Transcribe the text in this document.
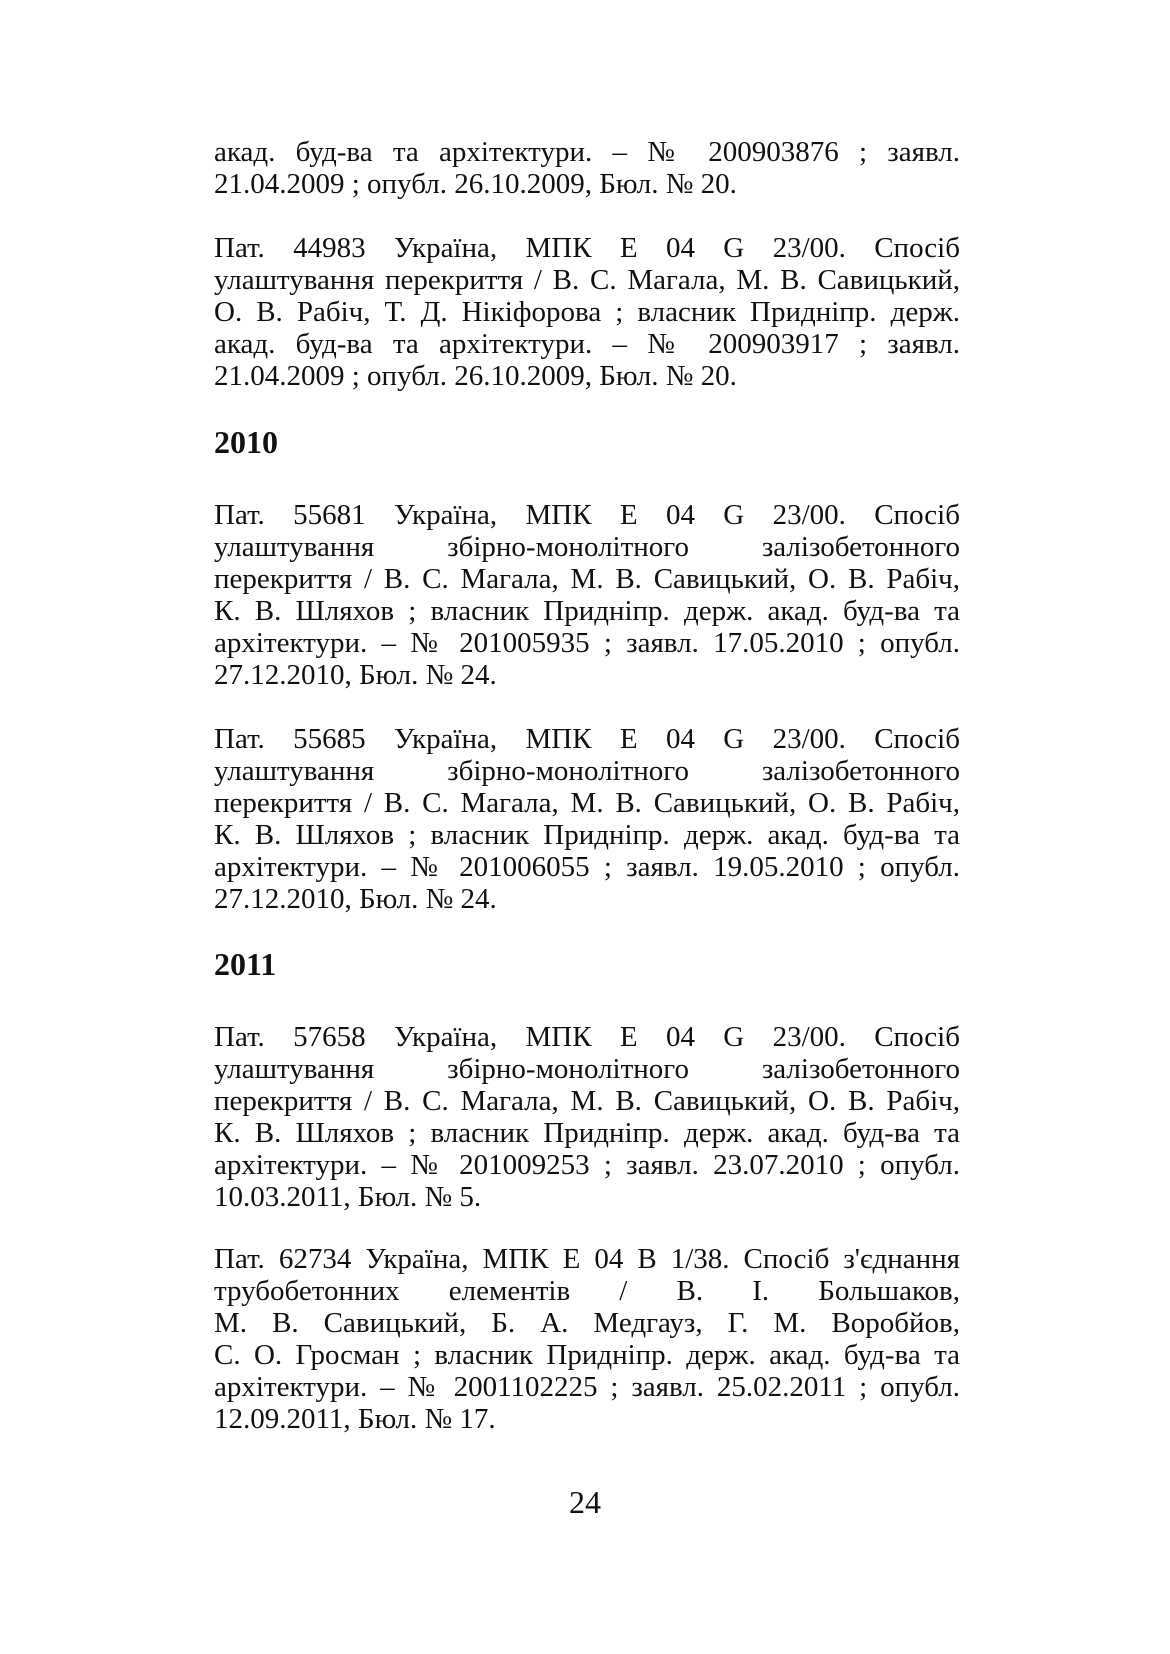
акад. буд-ва та архітектури. – № 200903876 ; заявл.
21.04.2009 ; опубл. 26.10.2009, Бюл. № 20.
Пат. 44983 Україна, МПК Е 04 G 23/00. Спосіб
улаштування перекриття / В. С. Магала, М. В. Савицький,
О. В. Рабіч, Т. Д. Нікіфорова ; власник Придніпр. держ.
акад. буд-ва та архітектури. – № 200903917 ; заявл.
21.04.2009 ; опубл. 26.10.2009, Бюл. № 20.
2010
Пат. 55681 Україна, МПК Е 04 G 23/00. Спосіб
улаштування збірно-монолітного залізобетонного
перекриття / В. С. Магала, М. В. Савицький, О. В. Рабіч,
К. В. Шляхов ; власник Придніпр. держ. акад. буд-ва та
архітектури. – № 201005935 ; заявл. 17.05.2010 ; опубл.
27.12.2010, Бюл. № 24.
Пат. 55685 Україна, МПК Е 04 G 23/00. Спосіб
улаштування збірно-монолітного залізобетонного
перекриття / В. С. Магала, М. В. Савицький, О. В. Рабіч,
К. В. Шляхов ; власник Придніпр. держ. акад. буд-ва та
архітектури. – № 201006055 ; заявл. 19.05.2010 ; опубл.
27.12.2010, Бюл. № 24.
2011
Пат. 57658 Україна, МПК Е 04 G 23/00. Спосіб
улаштування збірно-монолітного залізобетонного
перекриття / В. С. Магала, М. В. Савицький, О. В. Рабіч,
К. В. Шляхов ; власник Придніпр. держ. акад. буд-ва та
архітектури. – № 201009253 ; заявл. 23.07.2010 ; опубл.
10.03.2011, Бюл. № 5.
Пат. 62734 Україна, МПК Е 04 В 1/38. Спосіб з'єднання
трубобетонних елементів / В. І. Большаков,
М. В. Савицький, Б. А. Медгауз, Г. М. Воробйов,
С. О. Гросман ; власник Придніпр. держ. акад. буд-ва та
архітектури. – № 2001102225 ; заявл. 25.02.2011 ; опубл.
12.09.2011, Бюл. № 17.
24
